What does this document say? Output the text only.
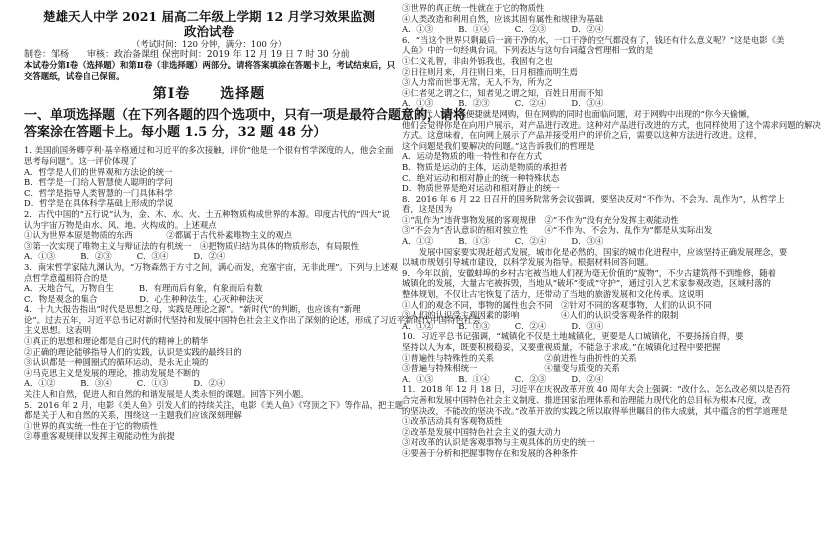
楚雄天人中学 2021 届高二年级上学期 12 月学习效果监测
政治试卷
（考试时间：120 分钟，满分：100 分）
制卷：邹杨　　审核：政治备课组 保密时间：2019 年 12 月 19 日 7 时 30 分前
本试卷分第Ⅰ卷（选择题）和第Ⅱ卷（非选择题）两部分。请将答案填涂在答题卡上，考试结束后，只
交答题纸，试卷自己保留。
第Ⅰ卷　　选择题
一、单项选择题（在下列各题的四个选项中，只有一项是最符合题意的，请将
答案涂在答题卡上。每小题 1.5 分，32 题 48 分）
1. 美国前国务卿亨利·基辛格通过和习近平的多次接触，评价“他是一个很有哲学深度的人，他会全面
思考每问题”。这一评价体现了
A．哲学是人们的世界观和方法论的统一
B．哲学是一门给人智慧使人聪明的学问
C．哲学是指导人类智慧的一门具体科学
D．哲学是在具体科学基础上形成的学说
2．古代中国的“五行说”认为，金、木、水、火、土五种物质构成世界的本源。印度古代的“四大”说
认为宇宙万物是由水、风、地、火构成的。上述观点
①认为世界本原是物质的东西　　　　②都属于古代朴素唯物主义的观点
③第一次实现了唯物主义与辩证法的有机统一　④把物质归结为具体的物质形态，有局限性
A．①③　　　B．②③　　　C．③④　　　D．②④
3．南宋哲学家陆九渊认为，“万物森然于方寸之间，满心而发，充塞宇宙，无非此理”。下列与上述观
点哲学意蕴相符合的是
A．天地合气，万物自生　　　B．有理而后有象，有象而后有数
C．物是观念的集合　　　　　D．心生种种法生，心灭种种法灭
4．十九大报告指出“时代是思想之母，实践是理论之源”。“新时代”的判断，也应该有“新理
论”。过去五年，习近平总书记对新时代坚持和发展中国特色社会主义作出了深刻的论述，形成了习近平新时代中国特色社会
主义思想。这表明
①真正的思想和理论都是自己时代的精神上的精华
②正确的理论能够指导人们的实践，认识是实践的最终目的
③认识都是一种圆圈式的循环运动，是永无止境的
④马克思主义是发展的理论，推动发展是不断的
A．①②　　　B．③④　　　C．①③　　　D．②④
关注人和自然，促进人和自然的和谐发展是人类永恒的课题。回答下列小题。
5．2016 年 2 月，电影《美人鱼》引发人们的持续关注，电影《美人鱼》《穹顶之下》等作品，把主题
都是关于人和自然的关系，围绕这一主题我们应该深刻理解
①世界的真实统一性在于它的物质性
②尊重客观规律以发挥主观能动性为前提
③世界的真正统一性就在于它的物质性
④人类改造和利用自然，应该其固有属性和规律为基础
A．①③　　　B．①④　　　C．②③　　　D．②④
6．“当这个世界只剩最后一滴干净的水，一口干净的空气都没有了，钱还有什么意义呢？”这是电影《美
人鱼》中的一句经典台词。下列表达与这句台词蕴含哲理相一致的是
①仁义礼智，非由外铄我也，我固有之也
②日往则月来，月往则日来，日月相推而明生焉
③人力常而世事无常，无人不为，所为之
④仁者见之谓之仁，知者见之谓之知，百姓日用而不知
A．①③　　　B．②③　　　C．②④　　　D．③④
7．现代人的一大便捷就是网购，但在网购的同时也面临问题，对于网购中出现的“你今天偷懒，
他们会觉得你是在向用户展示，对产品进行改进。这种对产品进行改进的方式，也同样使用了这个需求问题的解决
方式。这意味着，在向网上展示了产品并接受用户的评价之后，需要以这种方法进行改进。这样，
这个问题是我们要解决的问题。”这告诉我们的哲理是
A．运动是物质的唯一特性和存在方式
B．物质是运动的主体，运动是物质的承担者
C．绝对运动和相对静止的统一种特殊状态
D．物质世界是绝对运动和相对静止的统一
8．2016 年 6 月 22 日召开的国务院常务会议强调，要坚决反对“不作为、不会为、乱作为”，从哲学上
看，这是因为
①“乱作为”违背事物发展的客观规律　②“不作为”没有充分发挥主观能动性
③“不会为”否认意识的相对独立性　　④“不作为、不会为、乱作为”都是从实际出发
A．①②　　　B．①③　　　C．②④　　　D．③④
　　发展中国家要实现赶超式发展，城市化是必然的，国家的城市化进程中，应该坚持正确发展理念，要
以城市规划引导城市建设，以科学发展为指导。根据材料回答问题。
9．今年以前，安徽蚌埠的乡村古宅被当地人们视为毫无价值的“废物”，不少古建筑得不到维修，随着
城镇化的发展，大量古宅被拆毁，当地从“破坏”变成“守护”，通过引入艺术家参观改造，区域村落的
整体规划，不仅让古宅恢复了活力，还带动了当地的旅游发展和文化传承。这说明
①人们的观念不同，事物的属性也会不同　②针对不同的客观事物，人们的认识不同
③人们的认识受主观因素的影响　　　　　④人们的认识受客观条件的限制
A．①②　　　B．①③　　　C．②④　　　D．③④
10．习近平总书记强调，“城镇化不仅是土地城镇化，更要是人口城镇化，不要扬扬自得，要
坚持以人为本，既要积极稳妥，又要重视质量，不能急于求成。”在城镇化过程中要把握
①普遍性与特殊性的关系　　　　　　②前进性与曲折性的关系
③普遍与特殊相统一　　　　　　　　④量变与质变的关系
A．①③　　　B．①④　　　C．②③　　　D．②④
11．2018 年 12 月 18 日，习近平在庆祝改革开放 40 周年大会上强调：“改什么、怎么改必须以是否符
合完善和发展中国特色社会主义制度、推进国家治理体系和治理能力现代化的总目标为根本尺度，改
的坚决改，不能改的坚决不改。”改革开放的实践之所以取得举世瞩目的伟大成就，其中蕴含的哲学道理是
①改革活动具有客观物质性
②改革是发展中国特色社会主义的强大动力
③对改革的认识是客观事物与主观具体的历史的统一
④要善于分析和把握事物存在和发展的各种条件
